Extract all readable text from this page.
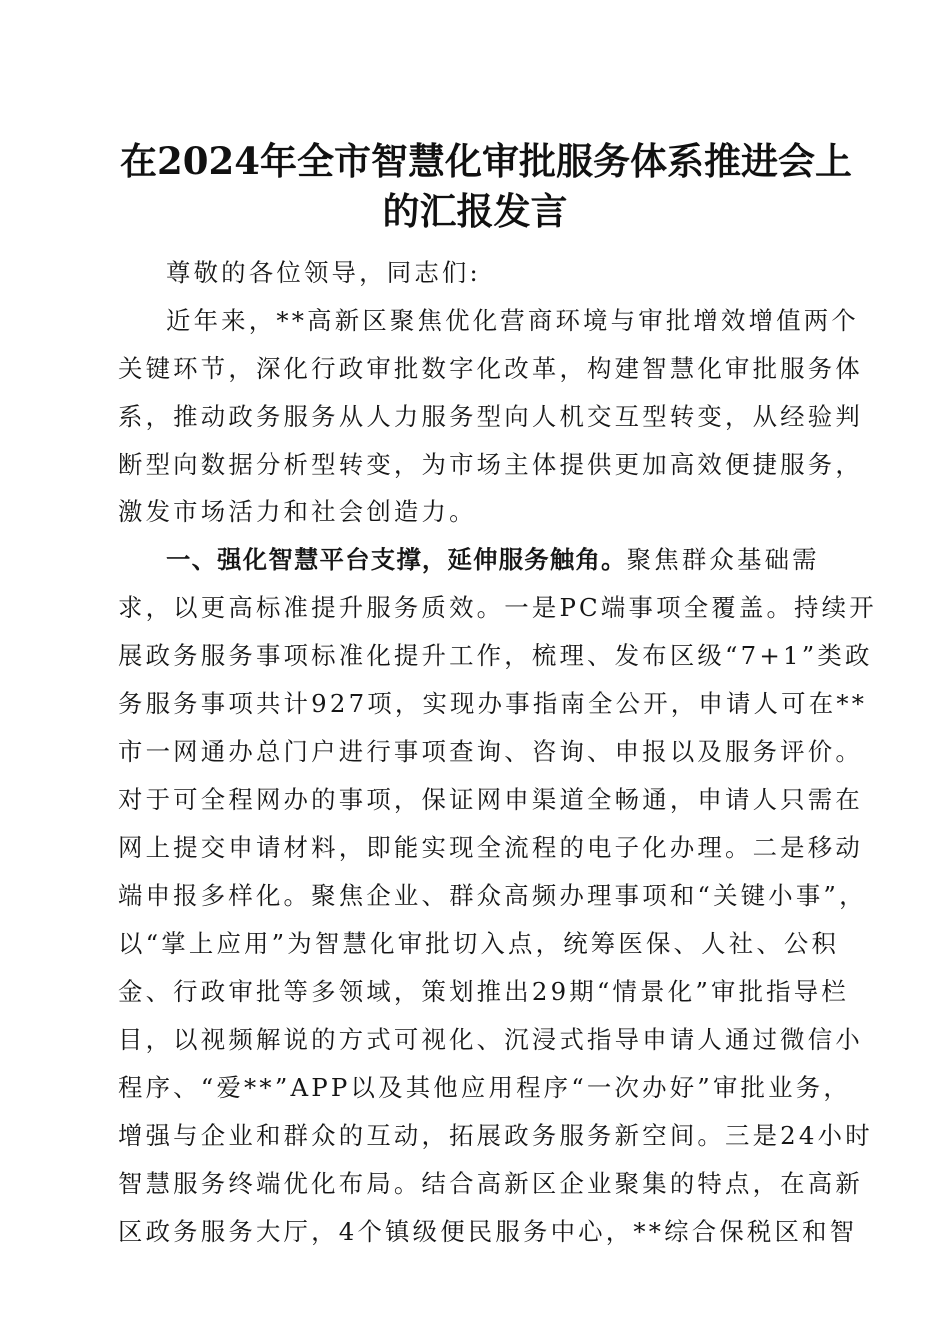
在2024年全市智慧化审批服务体系推进会上
的汇报发言
尊敬的各位领导，同志们:
近年来，**高新区聚焦优化营商环境与审批增效增值两个
关键环节，深化行政审批数字化改革，构建智慧化审批服务体
系，推动政务服务从人力服务型向人机交互型转变，从经验判
断型向数据分析型转变，为市场主体提供更加高效便捷服务，
激发市场活力和社会创造力。
一、强化智慧平台支撑，延伸服务触角。聚焦群众基础需
求，以更高标准提升服务质效。一是PC端事项全覆盖。持续开
展政务服务事项标准化提升工作，梳理、发布区级“7+1”类政
务服务事项共计927项，实现办事指南全公开，申请人可在**
市一网通办总门户进行事项查询、咨询、申报以及服务评价。
对于可全程网办的事项，保证网申渠道全畅通，申请人只需在
网上提交申请材料，即能实现全流程的电子化办理。二是移动
端申报多样化。聚焦企业、群众高频办理事项和“关键小事”，
以“掌上应用”为智慧化审批切入点，统筹医保、人社、公积
金、行政审批等多领域，策划推出29期“情景化”审批指导栏
目，以视频解说的方式可视化、沉浸式指导申请人通过微信小
程序、“爱**”APP以及其他应用程序“一次办好”审批业务，
增强与企业和群众的互动，拓展政务服务新空间。三是24小时
智慧服务终端优化布局。结合高新区企业聚集的特点，在高新
区政务服务大厅，4个镇级便民服务中心，**综合保税区和智
